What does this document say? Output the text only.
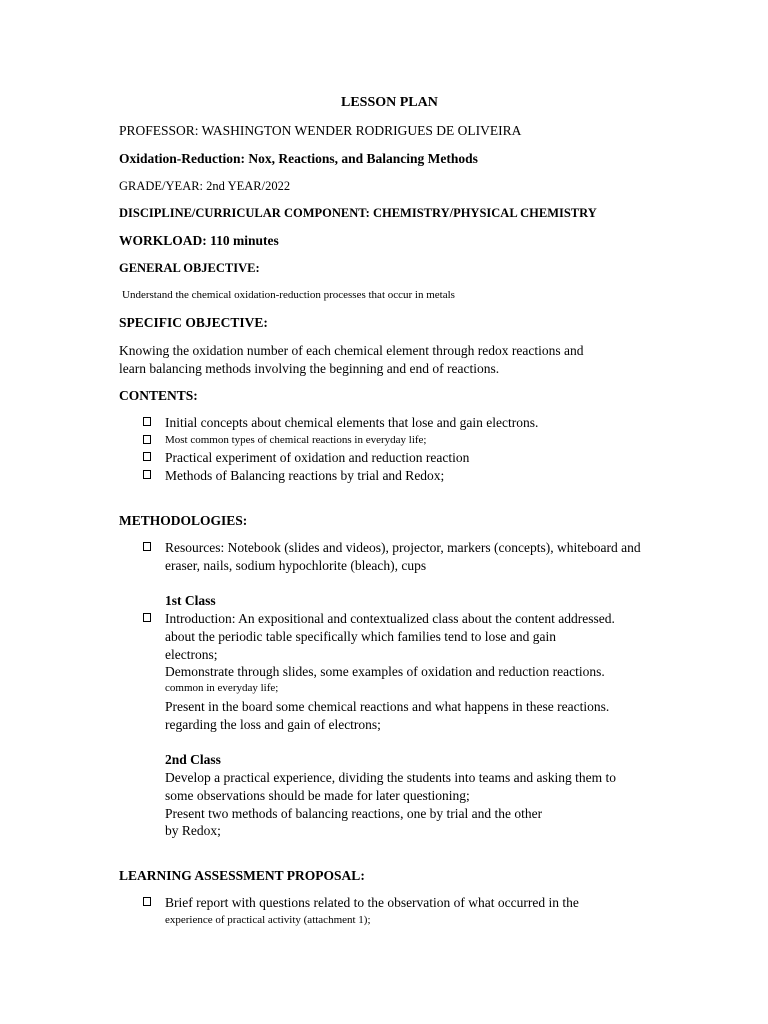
LESSON PLAN
PROFESSOR: WASHINGTON WENDER RODRIGUES DE OLIVEIRA
Oxidation-Reduction: Nox, Reactions, and Balancing Methods
GRADE/YEAR: 2nd YEAR/2022
DISCIPLINE/CURRICULAR COMPONENT: CHEMISTRY/PHYSICAL CHEMISTRY
WORKLOAD: 110 minutes
GENERAL OBJECTIVE:
Understand the chemical oxidation-reduction processes that occur in metals
SPECIFIC OBJECTIVE:
Knowing the oxidation number of each chemical element through redox reactions and
learn balancing methods involving the beginning and end of reactions.
CONTENTS:
Initial concepts about chemical elements that lose and gain electrons.
Most common types of chemical reactions in everyday life;
Practical experiment of oxidation and reduction reaction
Methods of Balancing reactions by trial and Redox;
METHODOLOGIES:
Resources: Notebook (slides and videos), projector, markers (concepts), whiteboard and
eraser, nails, sodium hypochlorite (bleach), cups
1st Class
Introduction: An expositional and contextualized class about the content addressed.
about the periodic table specifically which families tend to lose and gain
electrons;
Demonstrate through slides, some examples of oxidation and reduction reactions.
common in everyday life;
Present in the board some chemical reactions and what happens in these reactions.
regarding the loss and gain of electrons;
2nd Class
Develop a practical experience, dividing the students into teams and asking them to
some observations should be made for later questioning;
Present two methods of balancing reactions, one by trial and the other
by Redox;
LEARNING ASSESSMENT PROPOSAL:
Brief report with questions related to the observation of what occurred in the
experience of practical activity (attachment 1);
